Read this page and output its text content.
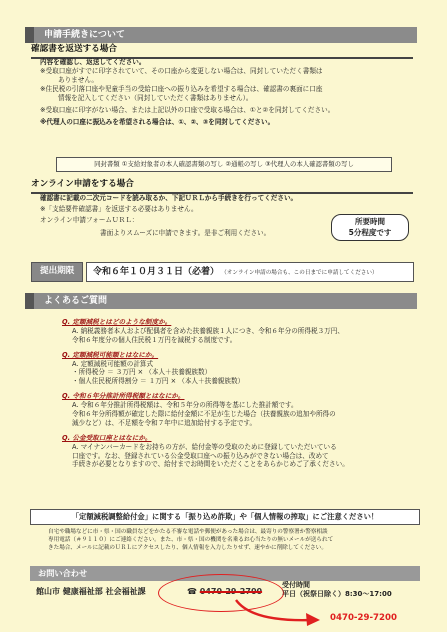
申請手続きについて
確認書を返送する場合
内容を確認し、返送してください。
※受取口座がすでに印字されていて、その口座から変更しない場合は、同封していただく書類は
ありません。
※住民税の引落口座や児童手当の受給口座への振り込みを希望する場合は、確認書の裏面に口座
情報を記入してください（同封していただく書類はありません）。
※受取口座に印字がない場合、または上記以外の口座で受取る場合は、①と②を同封してください。
※代理人の口座に振込みを希望される場合は、①、②、③を同封してください。
同封書類 ①支給対象者の本人確認書類の写し ②通帳の写し ③代理人の本人確認書類の写し
オンライン申請をする場合
確認書に記載の二次元コードを読み取るか、下記ＵＲＬから手続きを行ってください。
※「支給要件確認書」を返送する必要はありません。
オンライン申請フォームＵＲＬ：
書面よりスムーズに申請できます。是非ご利用ください。
所要時間
5分程度です
提出期限	令和６年１０月３１日（必着） （オンライン申請の場合も、この日までに申請してください）
よくあるご質問
Q. 定額減税とはどのような制度か。
A. 納税義務者本人および配偶者を含めた扶養親族１人につき、令和６年分の所得税３万円、
令和６年度分の個人住民税１万円を減税する制度です。
Q. 定額減税可能額とはなにか。
A. 定額減税可能額の計算式
・所得税分 ＝ ３万円 × （本人＋扶養親族数）
・個人住民税所得割分 ＝ １万円 × （本人＋扶養親族数）
Q. 令和６年分推計所得税額とはなにか。
A. 令和６年分推計所得税額は、令和５年分の所得等を基にした推計額です。
令和６年分所得額が確定した際に給付金額に不足が生じた場合（扶養親族の追加や所得の
減少など）は、不足額を令和７年中に追加給付する予定です。
Q. 公金受取口座とはなにか。
A. マイナンバーカードをお持ちの方が、給付金等の受取のために登録していただいている
口座です。なお、登録されている公金受取口座への振り込みができない場合は、改めて
手続きが必要となりますので、給付までお時間をいただくことをあらかじめご了承ください。
「定額減税調整給付金」に関する「振り込め詐欺」や「個人情報の搾取」にご注意ください！
自宅や職場などに市・県・国の職員などをかたる不審な電話や郵便があった場合は、最寄りの警察署か警察相談
専用電話（＃９１１０）にご連絡ください。また、市・県・国の機関を名乗るお心当たりの無いメールが送られて
きた場合、メールに記載のＵＲＬにアクセスしたり、個人情報を入力したりせず、速やかに削除してください。
お問い合わせ
館山市 健康福祉部 社会福祉課	☎ 0470-29-2700
受付時間
平日（祝祭日除く）8:30～17:00
0470-29-7200
